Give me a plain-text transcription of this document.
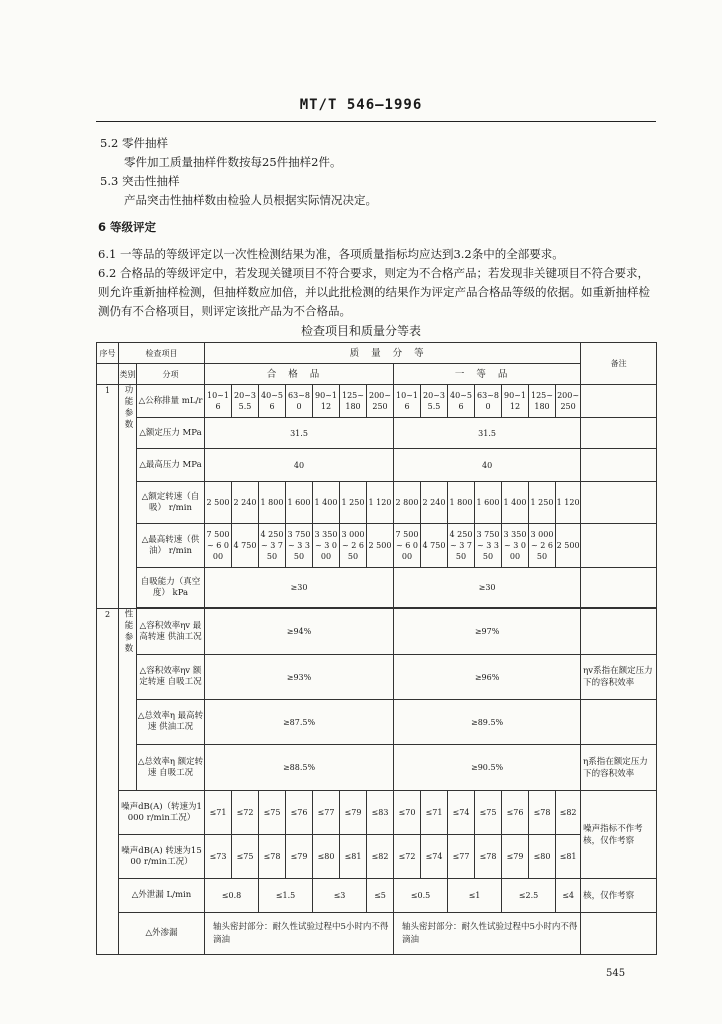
MT/T 546—1996
5.2 零件抽样
零件加工质量抽样件数按每25件抽样2件。
5.3 突击性抽样
产品突击性抽样数由检验人员根据实际情况决定。
6 等级评定
6.1 一等品的等级评定以一次性检测结果为准，各项质量指标均应达到3.2条中的全部要求。
6.2 合格品的等级评定中，若发现关键项目不符合要求，则定为不合格产品；若发现非关键项目不符合要求，则允许重新抽样检测，但抽样数应加倍，并以此批检测的结果作为评定产品合格品等级的依据。如重新抽样检测仍有不合格项目，则评定该批产品为不合格品。
检查项目和质量分等表
序号	检查项目		质量分等														备注
	类别	分项	合格品							一等品							
1	功能参数	△公称排量 mL/r	10~16	20~35.5	40~56	63~80	90~112	125~180	200~250	10~16	20~35.5	40~56	63~80	90~112	125~180	200~250	
		△额定压力 MPa	31.5							31.5							
		△最高压力 MPa	40							40							
		△额定转速（自吸） r/min	2 500	2 240	1 800	1 600	1 400	1 250	1 120	2 800	2 240	1 800	1 600	1 400	1 250	1 120	
		△最高转速（供油） r/min	7 500 ~ 6 000	4 750	4 250 ~ 3 750	3 750 ~ 3 350	3 350 ~ 3 000	3 000 ~ 2 650	2 500	7 500 ~ 6 000	4 750	4 250 ~ 3 750	3 750 ~ 3 350	3 350 ~ 3 000	3 000 ~ 2 650	2 500	
		自吸能力（真空度） kPa	≥30							≥30							

2	性能参数	△容积效率ηv 最高转速 供油工况	≥94%							≥97%							
		△容积效率ηv 额定转速 自吸工况	≥93%							≥96%							ηv系指在额定压力下的容积效率
		△总效率η 最高转速 供油工况	≥87.5%							≥89.5%							
		△总效率η 额定转速 自吸工况	≥88.5%							≥90.5%							η系指在额定压力下的容积效率
	噪声dB(A)（转速为1000 r/min工况）		≤71	≤72	≤75	≤76	≤77	≤79	≤83	≤70	≤71	≤74	≤75	≤76	≤78	≤82	噪声指标不作考核，仅作考察
	噪声dB(A) 转速为1500 r/min工况）		≤73	≤75	≤78	≤79	≤80	≤81	≤82	≤72	≤74	≤77	≤78	≤79	≤80	≤81	
	△外泄漏 L/min		≤0.8		≤1.5		≤3		≤5	≤0.5		≤1		≤2.5		≤4	核，仅作考察
	△外渗漏		轴头密封部分：耐久性试验过程中5小时内不得滴油							轴头密封部分：耐久性试验过程中5小时内不得滴油							
545
